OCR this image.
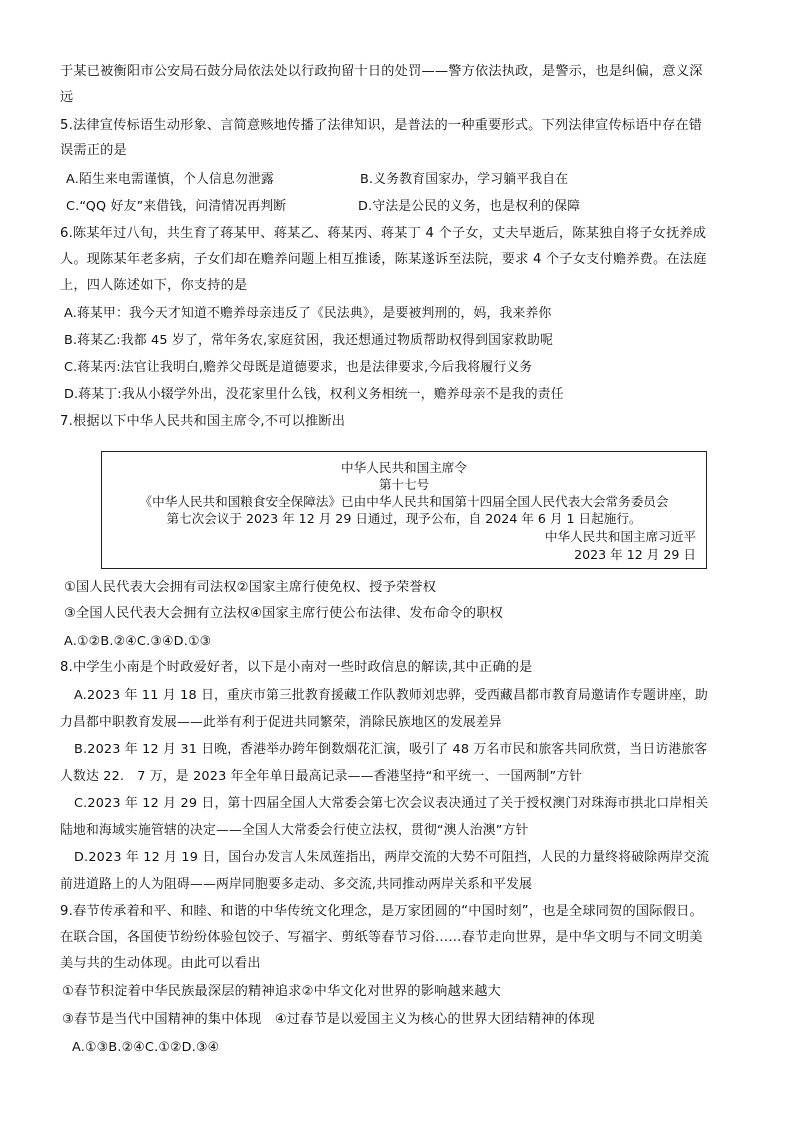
于某已被衡阳市公安局石鼓分局依法处以行政拘留十日的处罚——警方依法执政，是警示，也是纠偏，意义深
远
5.法律宣传标语生动形象、言简意赅地传播了法律知识，是普法的一种重要形式。下列法律宣传标语中存在错
误需正的是
A.陌生来电需谨慎，个人信息勿泄露	B.义务教育国家办，学习躺平我自在
C.“QQ 好友”来借钱，问清情况再判断	D.守法是公民的义务，也是权利的保障
6.陈某年过八旬，共生育了蒋某甲、蒋某乙、蒋某丙、蒋某丁 4 个子女，丈夫早逝后，陈某独自将子女抚养成
人。现陈某年老多病，子女们却在赡养问题上相互推诿，陈某遂诉至法院，要求 4 个子女支付赡养费。在法庭
上，四人陈述如下，你支持的是
A.蒋某甲：我今天才知道不赡养母亲违反了《民法典》，是要被判刑的，妈，我来养你
B.蒋某乙:我都 45 岁了，常年务农,家庭贫困，我还想通过物质帮助权得到国家救助呢
C.蒋某丙:法官让我明白,赡养父母既是道德要求，也是法律要求,今后我将履行义务
D.蒋某丁:我从小辍学外出，没花家里什么钱，权利义务相统一，赡养母亲不是我的责任
7.根据以下中华人民共和国主席令,不可以推断出
中华人民共和国主席令
第十七号
《中华人民共和国粮食安全保障法》已由中华人民共和国第十四届全国人民代表大会常务委员会
第七次会议于 2023 年 12 月 29 日通过，现予公布，自 2024 年 6 月 1 日起施行。
中华人民共和国主席习近平
2023 年 12 月 29 日
①国人民代表大会拥有司法权②国家主席行使免权、授予荣誉权
③全国人民代表大会拥有立法权④国家主席行使公布法律、发布命令的职权
A.①②B.②④C.③④D.①③
8.中学生小南是个时政爱好者，以下是小南对一些时政信息的解读,其中正确的是
A.2023 年 11 月 18 日，重庆市第三批教育援藏工作队教师刘忠骅，受西藏昌都市教育局邀请作专题讲座，助
力昌都中职教育发展——此举有利于促进共同繁荣，消除民族地区的发展差异
B.2023 年 12 月 31 日晚，香港举办跨年倒数烟花汇演，吸引了 48 万名市民和旅客共同欣赏，当日访港旅客
人数达 22.　7 万，是 2023 年全年单日最高记录——香港坚持“和平统一、一国两制”方针
C.2023 年 12 月 29 日，第十四届全国人大常委会第七次会议表决通过了关于授权澳门对珠海市拱北口岸相关
陆地和海域实施管辖的决定——全国人大常委会行使立法权，贯彻“澳人治澳”方针
D.2023 年 12 月 19 日，国台办发言人朱凤莲指出，两岸交流的大势不可阻挡，人民的力量终将破除两岸交流
前进道路上的人为阻碍——两岸同胞要多走动、多交流,共同推动两岸关系和平发展
9.春节传承着和平、和睦、和谐的中华传统文化理念，是万家团圆的“中国时刻”，也是全球同贺的国际假日。
在联合国，各国使节纷纷体验包饺子、写福字、剪纸等春节习俗……春节走向世界，是中华文明与不同文明美
美与共的生动体现。由此可以看出
①春节积淀着中华民族最深层的精神追求②中华文化对世界的影响越来越大
③春节是当代中国精神的集中体现　④过春节是以爱国主义为核心的世界大团结精神的体现
A.①③B.②④C.①②D.③④
